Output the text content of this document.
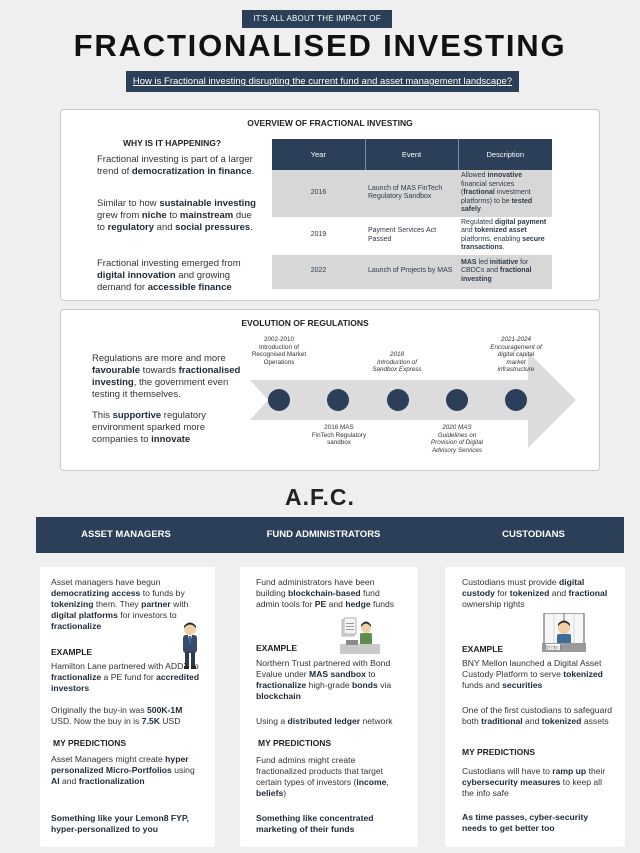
IT'S ALL ABOUT THE IMPACT OF
FRACTIONALISED INVESTING
How is Fractional investing disrupting the current fund and asset management landscape?
OVERVIEW OF FRACTIONAL INVESTING
WHY IS IT HAPPENING?
Fractional investing is part of a larger trend of democratization in finance.
Similar to how sustainable investing grew from niche to mainstream due to regulatory and social pressures.
Fractional investing emerged from digital innovation and growing demand for accessible finance
Year	Event	Description
2016	Launch of MAS FinTech Regulatory Sandbox	Allowed innovative financial services (fractional investment platforms) to be tested safely
2019	Payment Services Act Passed	Regulated digital payment and tokenized asset platforms, enabling secure transactions.
2022	Launch of Projects by MAS	MAS led initiative for CBDCs and fractional investing
EVOLUTION OF REGULATIONS
Regulations are more and more favourable towards fractionalised investing, the government even testing it themselves.
This supportive regulatory environment sparked more companies to innovate
2002-2010
Introduction of Recognised Market Operations
2016 MAS
FinTech Regulatory sandbox
2018
Introduction of Sandbox Express
2020 MAS
Guidelines on Provision of Digital Advisory Services
2021-2024
Encouragement of digital capital market infrastructure
A.F.C.
ASSET MANAGERS	FUND ADMINISTRATORS	CUSTODIANS
Asset managers have begun democratizing access to funds by tokenizing them. They partner with digital platforms for investors to fractionalize
EXAMPLE
Hamilton Lane partnered with ADDX to fractionalize a PE fund for accredited investors
Originally the buy-in was 500K-1M USD. Now the buy in is 7.5K USD
MY PREDICTIONS
Asset Managers might create hyper personalized Micro-Portfolios using AI and fractionalization
Something like your Lemon8 FYP, hyper-personalized to you
Fund administrators have been building blockchain-based fund admin tools for PE and hedge funds
EXAMPLE
Northern Trust partnered with Bond Evalue under MAS sandbox to fractionalize high-grade bonds via blockchain
Using a distributed ledger network
MY PREDICTIONS
Fund admins might create fractionalized products that target certain types of investors (income, beliefs)
Something like concentrated marketing of their funds
Custodians must provide digital custody for tokenized and fractional ownership rights
受付窓口
EXAMPLE
BNY Mellon launched a Digital Asset Custody Platform to serve tokenized funds and securities
One of the first custodians to safeguard both traditional and tokenized assets
MY PREDICTIONS
Custodians will have to ramp up their cybersecurity measures to keep all the info safe
As time passes, cyber-security needs to get better too
